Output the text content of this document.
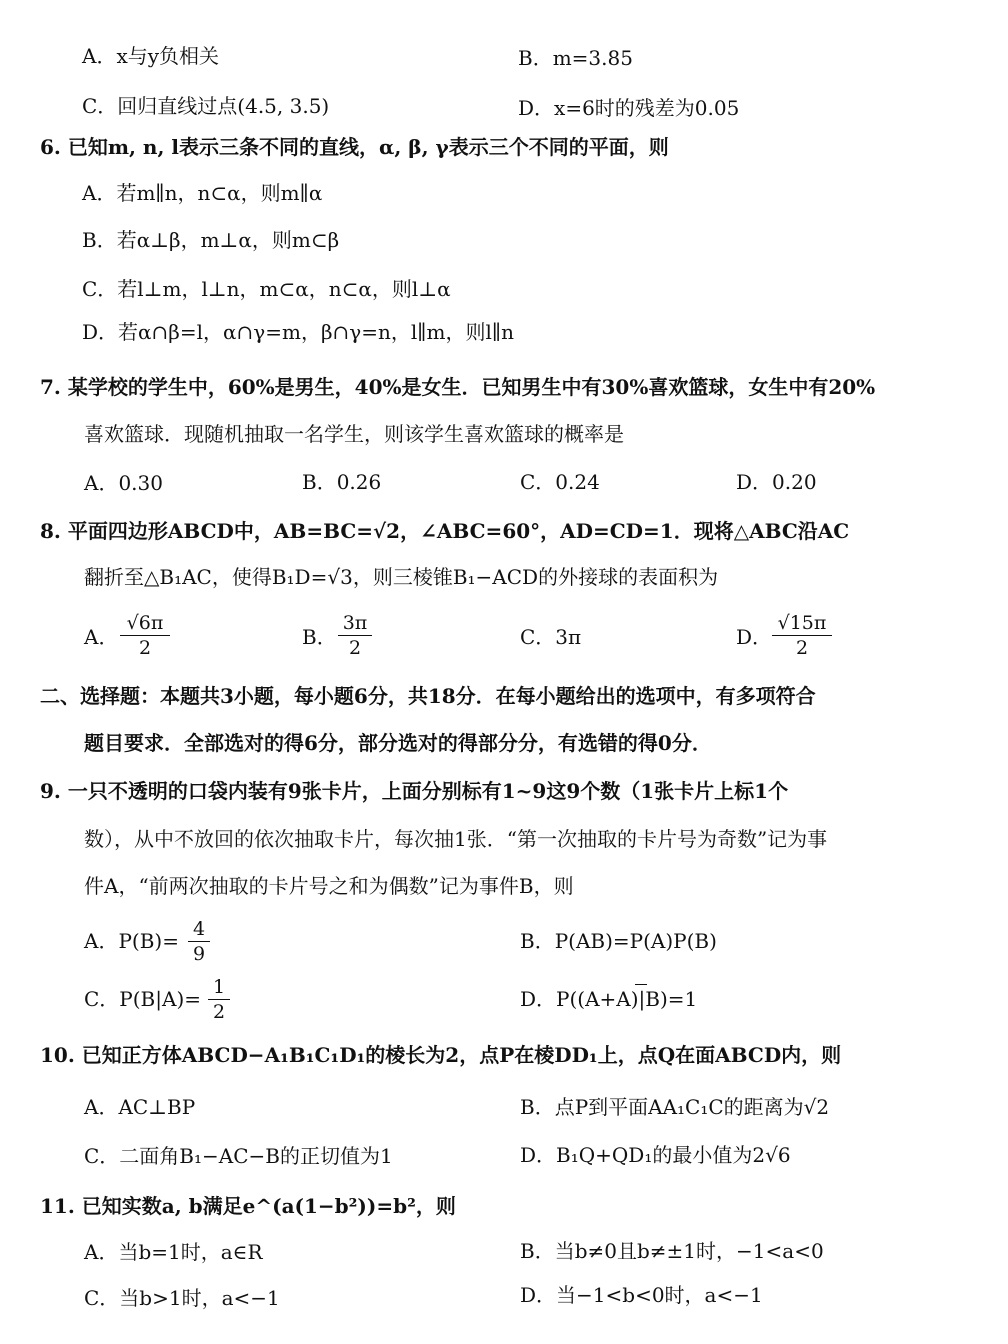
A．x与y负相关	B．m=3.85
C．回归直线过点(4.5, 3.5)	D．x=6时的残差为0.05
6. 已知m, n, l表示三条不同的直线，α, β, γ表示三个不同的平面，则
A．若m∥n，n⊂α，则m∥α
B．若α⊥β，m⊥α，则m⊂β
C．若l⊥m，l⊥n，m⊂α，n⊂α，则l⊥α
D．若α∩β=l，α∩γ=m，β∩γ=n，l∥m，则l∥n
7. 某学校的学生中，60%是男生，40%是女生．已知男生中有30%喜欢篮球，女生中有20%
喜欢篮球．现随机抽取一名学生，则该学生喜欢篮球的概率是
A．0.30	B．0.26	C．0.24	D．0.20
8. 平面四边形ABCD中，AB=BC=√2，∠ABC=60°，AD=CD=1．现将△ABC沿AC
翻折至△B₁AC，使得B₁D=√3，则三棱锥B₁−ACD的外接球的表面积为
A．
√6π
2	B．
3π
2	C．3π	D．
√15π
2
二、选择题：本题共3小题，每小题6分，共18分．在每小题给出的选项中，有多项符合
题目要求．全部选对的得6分，部分选对的得部分分，有选错的得0分．
9. 一只不透明的口袋内装有9张卡片，上面分别标有1~9这9个数（1张卡片上标1个
数），从中不放回的依次抽取卡片，每次抽1张．“第一次抽取的卡片号为奇数”记为事
件A，“前两次抽取的卡片号之和为偶数”记为事件B，则
A．P(B)= 4
9
B．P(AB)=P(A)P(B)
C．P(B|A)= 1
2
D．P((A+A)|B)=1
10. 已知正方体ABCD−A₁B₁C₁D₁的棱长为2，点P在棱DD₁上，点Q在面ABCD内，则
A．AC⊥BP	B．点P到平面AA₁C₁C的距离为√2
C．二面角B₁−AC−B的正切值为1	D．B₁Q+QD₁的最小值为2√6
11. 已知实数a, b满足e^(a(1−b²))=b²，则
A．当b=1时，a∈R	B．当b≠0且b≠±1时，−1<a<0
C．当b>1时，a<−1	D．当−1<b<0时，a<−1
